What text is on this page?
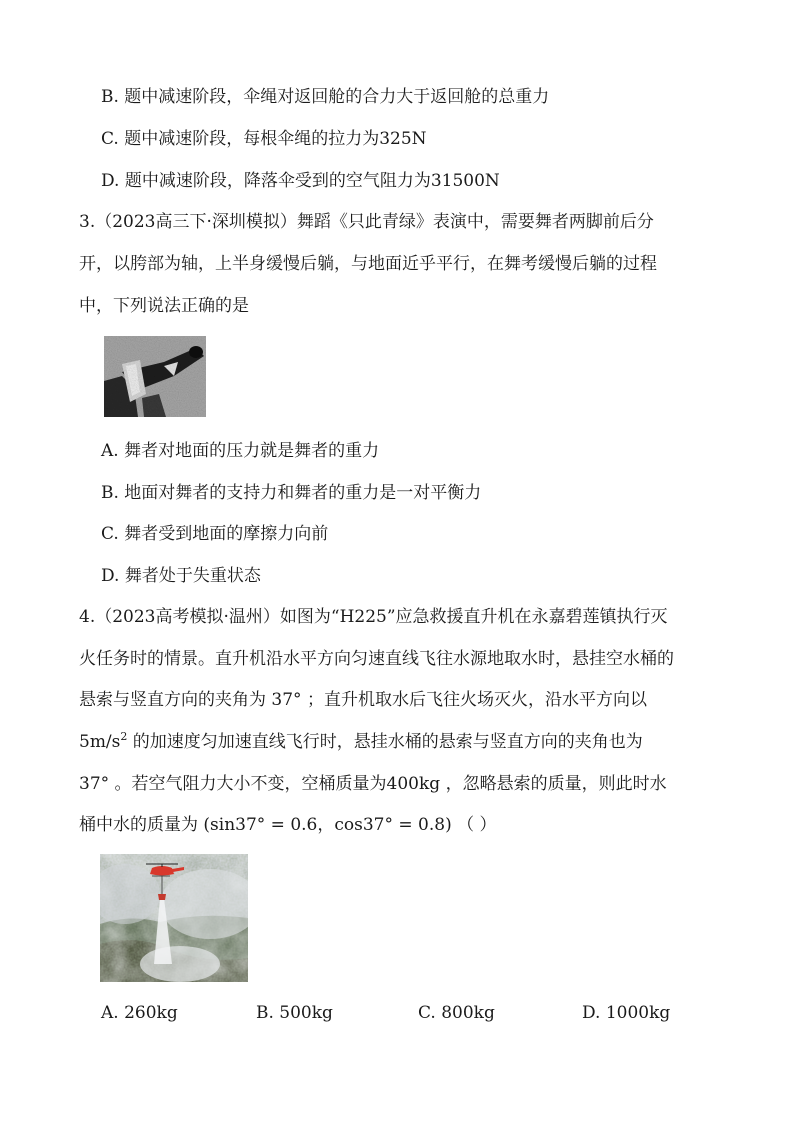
B. 题中减速阶段，伞绳对返回舱的合力大于返回舱的总重力
C. 题中减速阶段，每根伞绳的拉力为325N
D. 题中减速阶段，降落伞受到的空气阻力为31500N
3.（2023高三下·深圳模拟）舞蹈《只此青绿》表演中，需要舞者两脚前后分
开，以胯部为轴，上半身缓慢后躺，与地面近乎平行，在舞考缓慢后躺的过程
中，下列说法正确的是
A. 舞者对地面的压力就是舞者的重力
B. 地面对舞者的支持力和舞者的重力是一对平衡力
C. 舞者受到地面的摩擦力向前
D. 舞者处于失重状态
4.（2023高考模拟·温州）如图为“H225”应急救援直升机在永嘉碧莲镇执行灭
火任务时的情景。直升机沿水平方向匀速直线飞往水源地取水时，悬挂空水桶的
悬索与竖直方向的夹角为 37° ；直升机取水后飞往火场灭火，沿水平方向以
$5m/s^2$ 的加速度匀加速直线飞行时，悬挂水桶的悬索与竖直方向的夹角也为
37° 。若空气阻力大小不变，空桶质量为400kg ，忽略悬索的质量，则此时水
桶中水的质量为 (sin37° = 0.6，cos37° = 0.8) （ ）
A. 260kg	B. 500kg	C. 800kg	D. 1000kg
